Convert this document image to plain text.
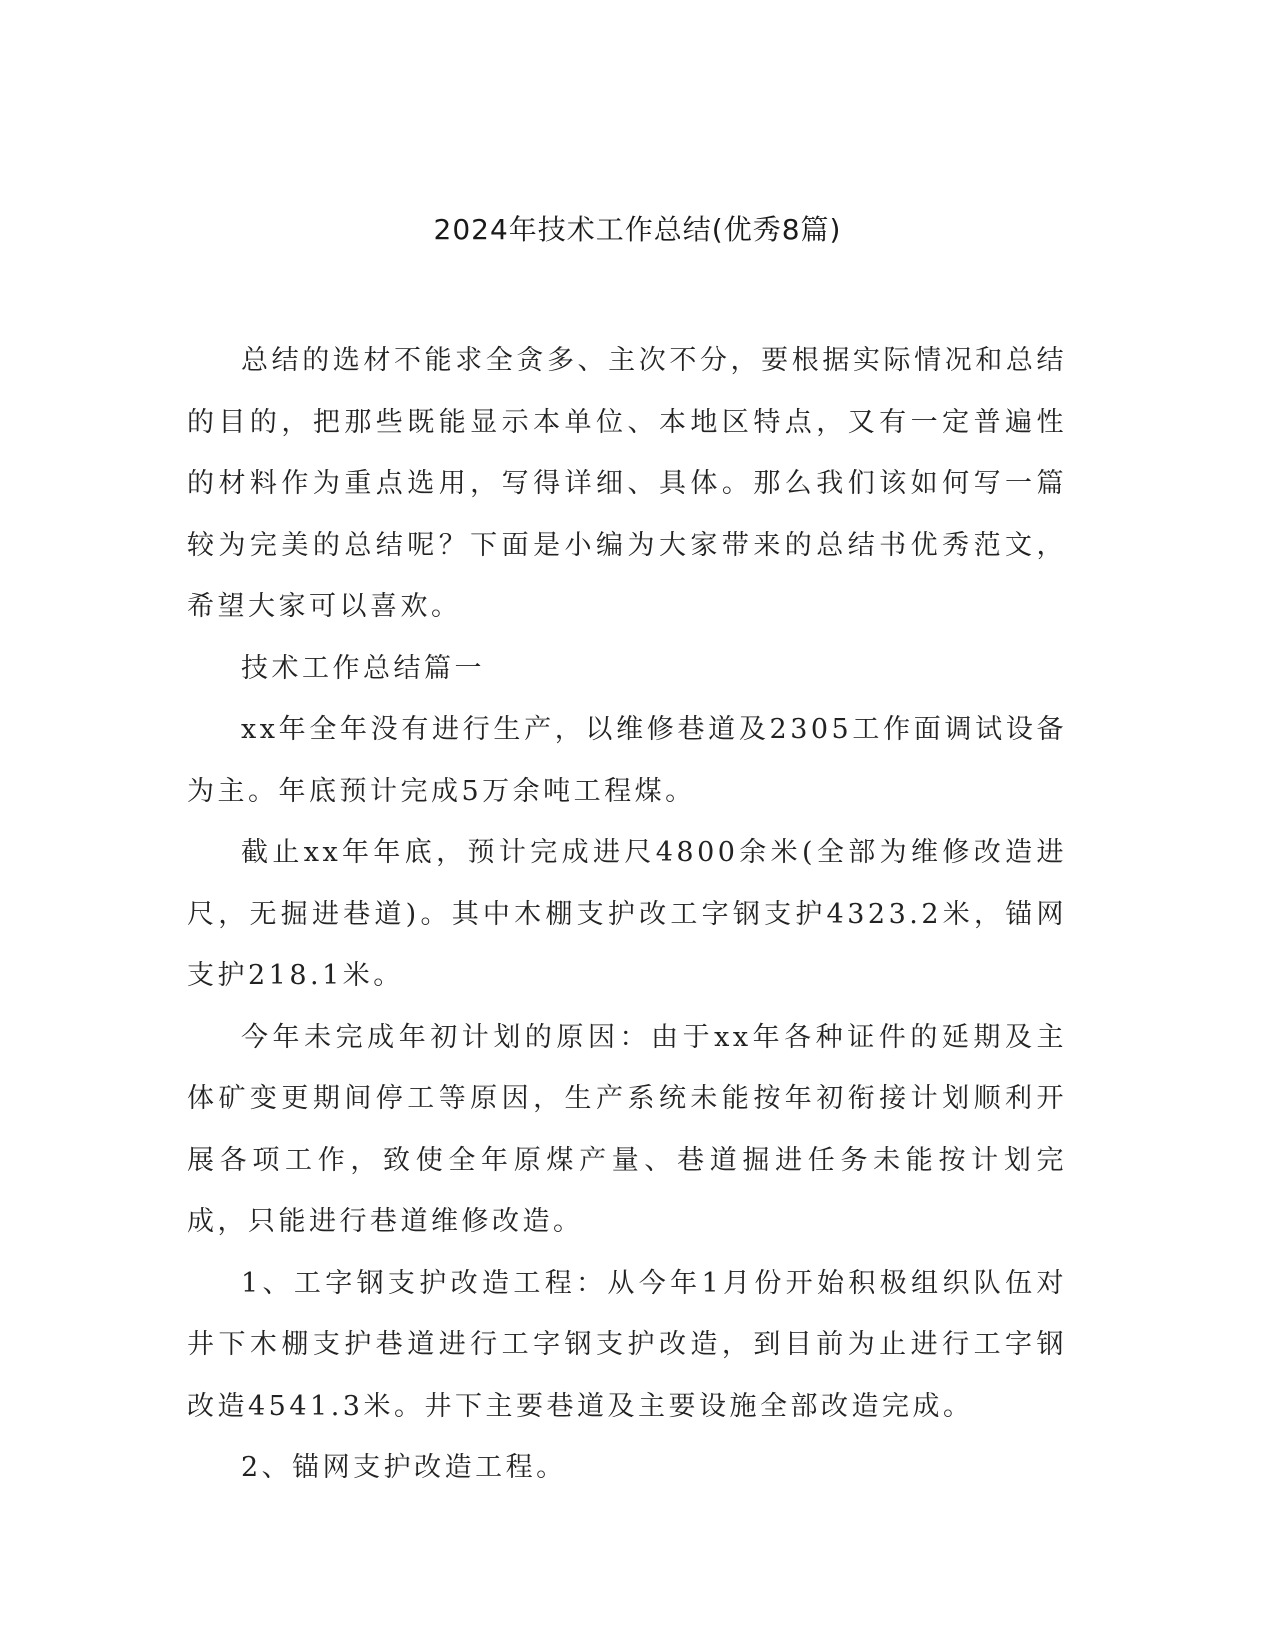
2024年技术工作总结(优秀8篇)

总结的选材不能求全贪多、主次不分，要根据实际情况和总结的目的，把那些既能显示本单位、本地区特点，又有一定普遍性的材料作为重点选用，写得详细、具体。那么我们该如何写一篇较为完美的总结呢？下面是小编为大家带来的总结书优秀范文，希望大家可以喜欢。

技术工作总结篇一

xx年全年没有进行生产，以维修巷道及2305工作面调试设备为主。年底预计完成5万余吨工程煤。

截止xx年年底，预计完成进尺4800余米(全部为维修改造进尺，无掘进巷道)。其中木棚支护改工字钢支护4323.2米，锚网支护218.1米。

今年未完成年初计划的原因：由于xx年各种证件的延期及主体矿变更期间停工等原因，生产系统未能按年初衔接计划顺利开展各项工作，致使全年原煤产量、巷道掘进任务未能按计划完成，只能进行巷道维修改造。

1、工字钢支护改造工程：从今年1月份开始积极组织队伍对井下木棚支护巷道进行工字钢支护改造，到目前为止进行工字钢改造4541.3米。井下主要巷道及主要设施全部改造完成。

2、锚网支护改造工程。
